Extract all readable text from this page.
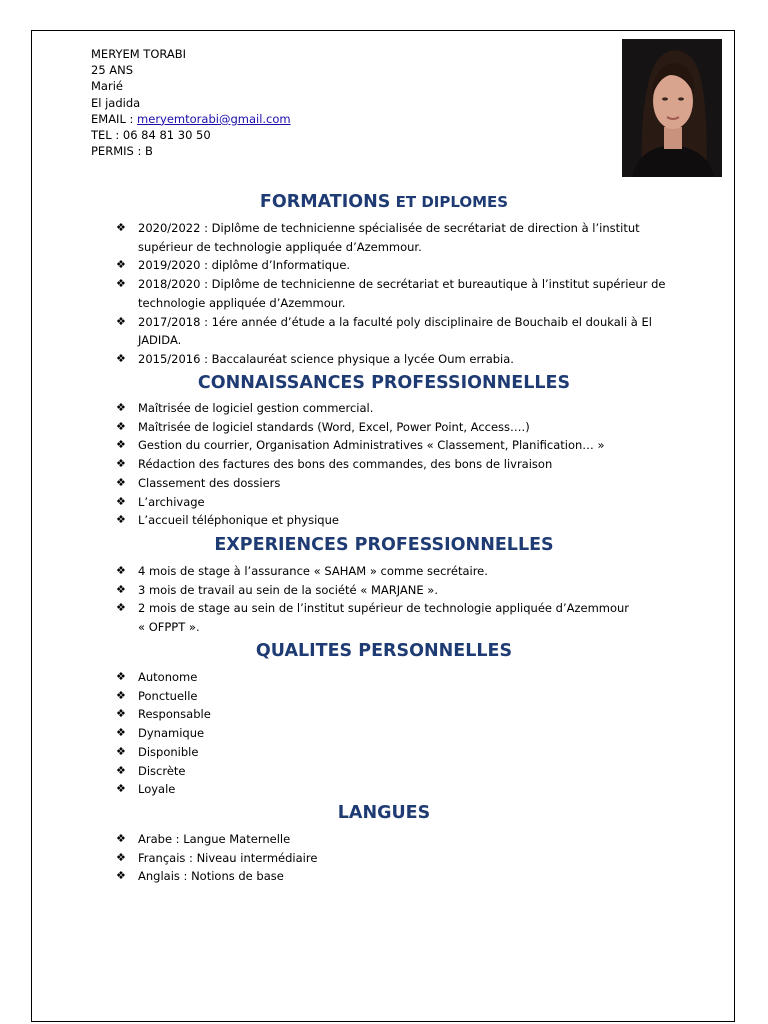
MERYEM TORABI
25 ANS
Marié
El jadida
EMAIL : meryemtorabi@gmail.com
TEL : 06 84 81 30 50
PERMIS : B
FORMATIONS ET DIPLOMES
❖ 2020/2022 : Diplôme de technicienne spécialisée de secrétariat de direction à l’institut
supérieur de technologie appliquée d’Azemmour.
❖ 2019/2020 : diplôme d’Informatique.
❖ 2018/2020 : Diplôme de technicienne de secrétariat et bureautique à l’institut supérieur de
technologie appliquée d’Azemmour.
❖ 2017/2018 : 1ére année d’étude a la faculté poly disciplinaire de Bouchaib el doukali à El
JADIDA.
❖ 2015/2016 : Baccalauréat science physique a lycée Oum errabia.
CONNAISSANCES PROFESSIONNELLES
❖ Maîtrisée de logiciel gestion commercial.
❖ Maîtrisée de logiciel standards (Word, Excel, Power Point, Access….)
❖ Gestion du courrier, Organisation Administratives « Classement, Planification… »
❖ Rédaction des factures des bons des commandes, des bons de livraison
❖ Classement des dossiers
❖ L’archivage
❖ L’accueil téléphonique et physique
EXPERIENCES PROFESSIONNELLES
❖ 4 mois de stage à l’assurance « SAHAM » comme secrétaire.
❖ 3 mois de travail au sein de la société « MARJANE ».
❖ 2 mois de stage au sein de l’institut supérieur de technologie appliquée d’Azemmour
« OFPPT ».
QUALITES PERSONNELLES
❖ Autonome
❖ Ponctuelle
❖ Responsable
❖ Dynamique
❖ Disponible
❖ Discrète
❖ Loyale
LANGUES
❖ Arabe : Langue Maternelle
❖ Français : Niveau intermédiaire
❖ Anglais : Notions de base
